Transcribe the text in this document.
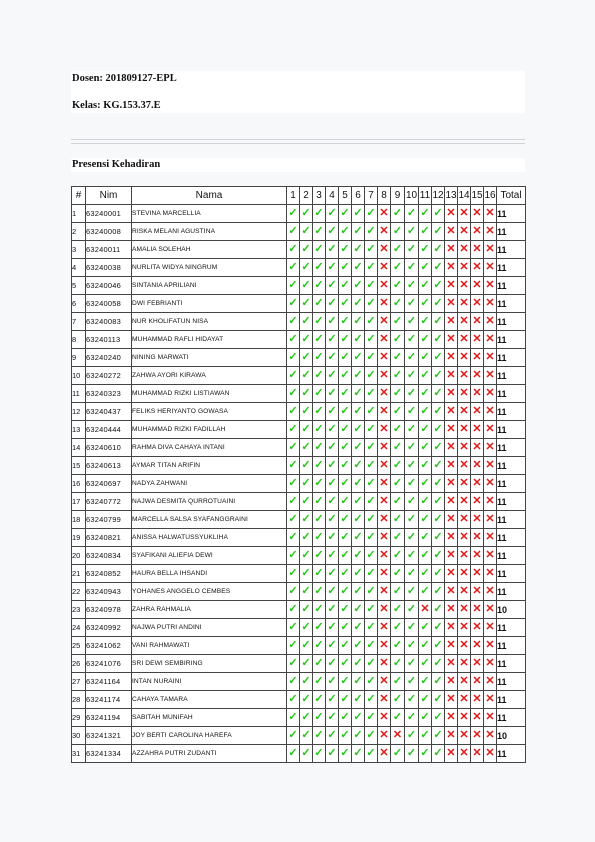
Dosen: 201809127-EPL
Kelas: KG.153.37.E
Presensi Kehadiran
#	Nim	Nama	1	2	3	4	5	6	7	8	9	10	11	12	13	14	15	16	Total
1	63240001	STEVINA MARCELLIA	✓	✓	✓	✓	✓	✓	✓	✕	✓	✓	✓	✓	✕	✕	✕	✕	11
2	63240008	RISKA MELANI AGUSTINA	✓	✓	✓	✓	✓	✓	✓	✕	✓	✓	✓	✓	✕	✕	✕	✕	11
3	63240011	AMALIA SOLEHAH	✓	✓	✓	✓	✓	✓	✓	✕	✓	✓	✓	✓	✕	✕	✕	✕	11
4	63240038	NURLITA WIDYA NINGRUM	✓	✓	✓	✓	✓	✓	✓	✕	✓	✓	✓	✓	✕	✕	✕	✕	11
5	63240046	SINTANIA APRILIANI	✓	✓	✓	✓	✓	✓	✓	✕	✓	✓	✓	✓	✕	✕	✕	✕	11
6	63240058	DWI FEBRIANTI	✓	✓	✓	✓	✓	✓	✓	✕	✓	✓	✓	✓	✕	✕	✕	✕	11
7	63240083	NUR KHOLIFATUN NISA	✓	✓	✓	✓	✓	✓	✓	✕	✓	✓	✓	✓	✕	✕	✕	✕	11
8	63240113	MUHAMMAD RAFLI HIDAYAT	✓	✓	✓	✓	✓	✓	✓	✕	✓	✓	✓	✓	✕	✕	✕	✕	11
9	63240240	NINING MARWATI	✓	✓	✓	✓	✓	✓	✓	✕	✓	✓	✓	✓	✕	✕	✕	✕	11
10	63240272	ZAHWA AYORI KIRAWA	✓	✓	✓	✓	✓	✓	✓	✕	✓	✓	✓	✓	✕	✕	✕	✕	11
11	63240323	MUHAMMAD RIZKI LISTIAWAN	✓	✓	✓	✓	✓	✓	✓	✕	✓	✓	✓	✓	✕	✕	✕	✕	11
12	63240437	FELIKS HERIYANTO GOWASA	✓	✓	✓	✓	✓	✓	✓	✕	✓	✓	✓	✓	✕	✕	✕	✕	11
13	63240444	MUHAMMAD RIZKI FADILLAH	✓	✓	✓	✓	✓	✓	✓	✕	✓	✓	✓	✓	✕	✕	✕	✕	11
14	63240610	RAHMA DIVA CAHAYA INTANI	✓	✓	✓	✓	✓	✓	✓	✕	✓	✓	✓	✓	✕	✕	✕	✕	11
15	63240613	AYMAR TITAN ARIFIN	✓	✓	✓	✓	✓	✓	✓	✕	✓	✓	✓	✓	✕	✕	✕	✕	11
16	63240697	NADYA ZAHWANI	✓	✓	✓	✓	✓	✓	✓	✕	✓	✓	✓	✓	✕	✕	✕	✕	11
17	63240772	NAJWA DESMITA QURROTUAINI	✓	✓	✓	✓	✓	✓	✓	✕	✓	✓	✓	✓	✕	✕	✕	✕	11
18	63240799	MARCELLA SALSA SYAFANGGRAINI	✓	✓	✓	✓	✓	✓	✓	✕	✓	✓	✓	✓	✕	✕	✕	✕	11
19	63240821	ANISSA HALWATUSSYUKLIHA	✓	✓	✓	✓	✓	✓	✓	✕	✓	✓	✓	✓	✕	✕	✕	✕	11
20	63240834	SYAFIKANI ALIEFIA DEWI	✓	✓	✓	✓	✓	✓	✓	✕	✓	✓	✓	✓	✕	✕	✕	✕	11
21	63240852	HAURA BELLA IHSANDI	✓	✓	✓	✓	✓	✓	✓	✕	✓	✓	✓	✓	✕	✕	✕	✕	11
22	63240943	YOHANES ANGGELO CEMBES	✓	✓	✓	✓	✓	✓	✓	✕	✓	✓	✓	✓	✕	✕	✕	✕	11
23	63240978	ZAHRA RAHMALIA	✓	✓	✓	✓	✓	✓	✓	✕	✓	✓	✕	✓	✕	✕	✕	✕	10
24	63240992	NAJWA PUTRI ANDINI	✓	✓	✓	✓	✓	✓	✓	✕	✓	✓	✓	✓	✕	✕	✕	✕	11
25	63241062	VANI RAHMAWATI	✓	✓	✓	✓	✓	✓	✓	✕	✓	✓	✓	✓	✕	✕	✕	✕	11
26	63241076	SRI DEWI SEMBIRING	✓	✓	✓	✓	✓	✓	✓	✕	✓	✓	✓	✓	✕	✕	✕	✕	11
27	63241164	INTAN NURAINI	✓	✓	✓	✓	✓	✓	✓	✕	✓	✓	✓	✓	✕	✕	✕	✕	11
28	63241174	CAHAYA TAMARA	✓	✓	✓	✓	✓	✓	✓	✕	✓	✓	✓	✓	✕	✕	✕	✕	11
29	63241194	SABITAH MUNIFAH	✓	✓	✓	✓	✓	✓	✓	✕	✓	✓	✓	✓	✕	✕	✕	✕	11
30	63241321	JOY BERTI CAROLINA HAREFA	✓	✓	✓	✓	✓	✓	✓	✕	✕	✓	✓	✓	✕	✕	✕	✕	10
31	63241334	AZZAHRA PUTRI ZUDANTI	✓	✓	✓	✓	✓	✓	✓	✕	✓	✓	✓	✓	✕	✕	✕	✕	11
